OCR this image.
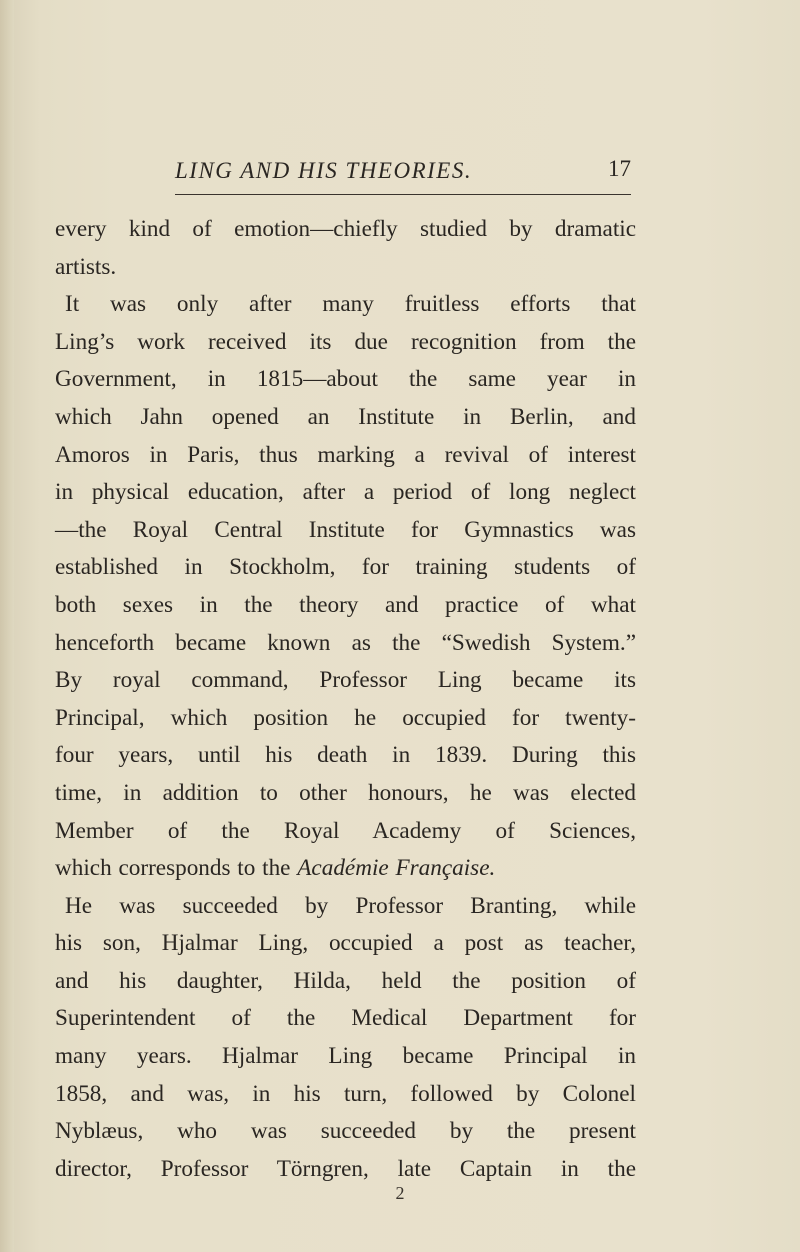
LING AND HIS THEORIES.	17
every kind of emotion—chiefly studied by dramatic
artists.
It was only after many fruitless efforts that
Ling’s work received its due recognition from the
Government, in 1815—about the same year in
which Jahn opened an Institute in Berlin, and
Amoros in Paris, thus marking a revival of interest
in physical education, after a period of long neglect
—the Royal Central Institute for Gymnastics was
established in Stockholm, for training students of
both sexes in the theory and practice of what
henceforth became known as the “Swedish System.”
By royal command, Professor Ling became its
Principal, which position he occupied for twenty-
four years, until his death in 1839. During this
time, in addition to other honours, he was elected
Member of the Royal Academy of Sciences,
which corresponds to the Académie Française.
He was succeeded by Professor Branting, while
his son, Hjalmar Ling, occupied a post as teacher,
and his daughter, Hilda, held the position of
Superintendent of the Medical Department for
many years. Hjalmar Ling became Principal in
1858, and was, in his turn, followed by Colonel
Nyblæus, who was succeeded by the present
director, Professor Törngren, late Captain in the
2
